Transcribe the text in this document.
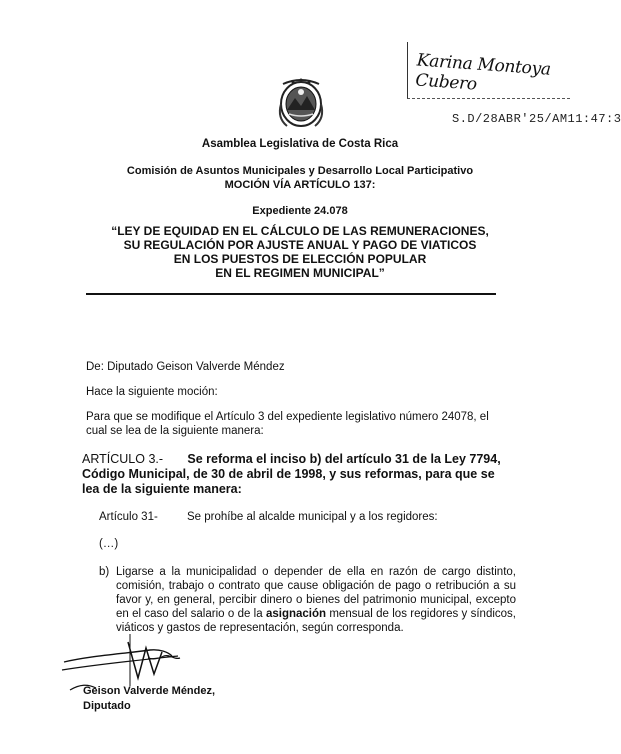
Karina Montoya Cubero
S.D/28ABR'25/AM11:47:3
Asamblea Legislativa de Costa Rica
Comisión de Asuntos Municipales y Desarrollo Local Participativo
MOCIÓN VÍA ARTÍCULO 137:
Expediente 24.078
“LEY DE EQUIDAD EN EL CÁLCULO DE LAS REMUNERACIONES,
SU REGULACIÓN POR AJUSTE ANUAL Y PAGO DE VIATICOS
EN LOS PUESTOS DE ELECCIÓN POPULAR
EN EL REGIMEN MUNICIPAL”
De: Diputado Geison Valverde Méndez
Hace la siguiente moción:
Para que se modifique el Artículo 3 del expediente legislativo número 24078, el cual se lea de la siguiente manera:
ARTÍCULO 3.- Se reforma el inciso b) del artículo 31 de la Ley 7794, Código Municipal, de 30 de abril de 1998, y sus reformas, para que se lea de la siguiente manera:
Artículo 31-	Se prohíbe al alcalde municipal y a los regidores:
(…)
b) Ligarse a la municipalidad o depender de ella en razón de cargo distinto, comisión, trabajo o contrato que cause obligación de pago o retribución a su favor y, en general, percibir dinero o bienes del patrimonio municipal, excepto en el caso del salario o de la asignación mensual de los regidores y síndicos, viáticos y gastos de representación, según corresponda.
Geison Valverde Méndez,
Diputado
